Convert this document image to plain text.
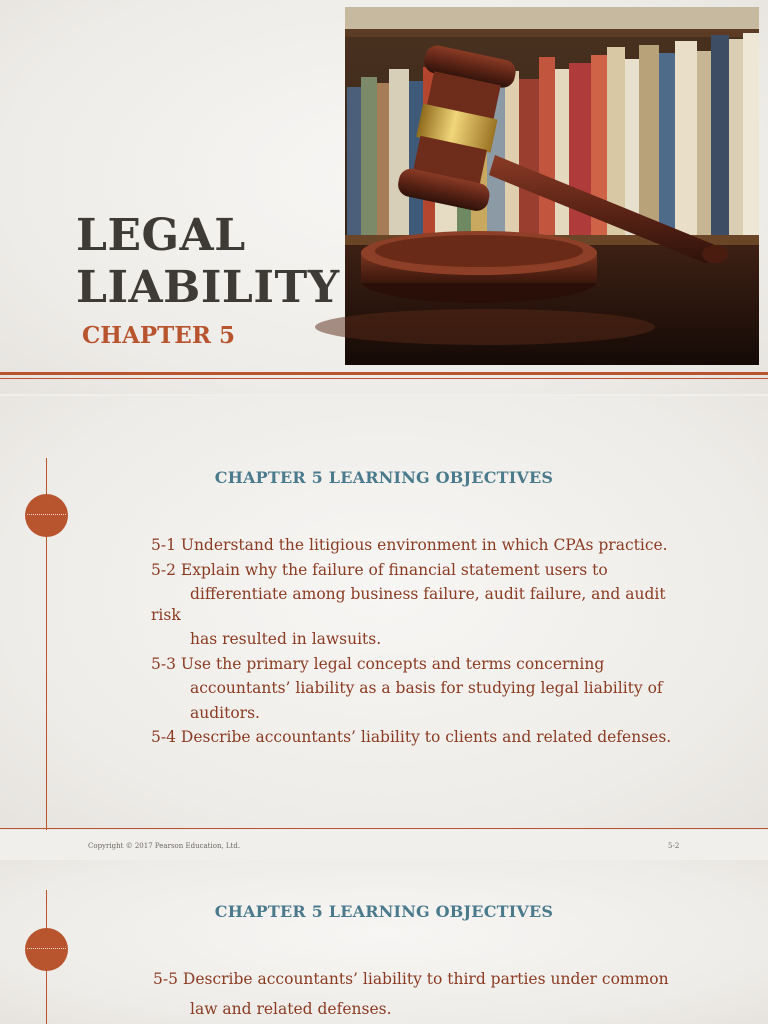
LEGAL
LIABILITY
CHAPTER 5
CHAPTER 5 LEARNING OBJECTIVES
5-1 Understand the litigious environment in which CPAs practice.
5-2 Explain why the failure of financial statement users to
differentiate among business failure, audit failure, and audit
risk
has resulted in lawsuits.
5-3 Use the primary legal concepts and terms concerning
accountants’ liability as a basis for studying legal liability of
auditors.
5-4 Describe accountants’ liability to clients and related defenses.
Copyright © 2017 Pearson Education, Ltd.	5-2
CHAPTER 5 LEARNING OBJECTIVES
5-5 Describe accountants’ liability to third parties under common
law and related defenses.
